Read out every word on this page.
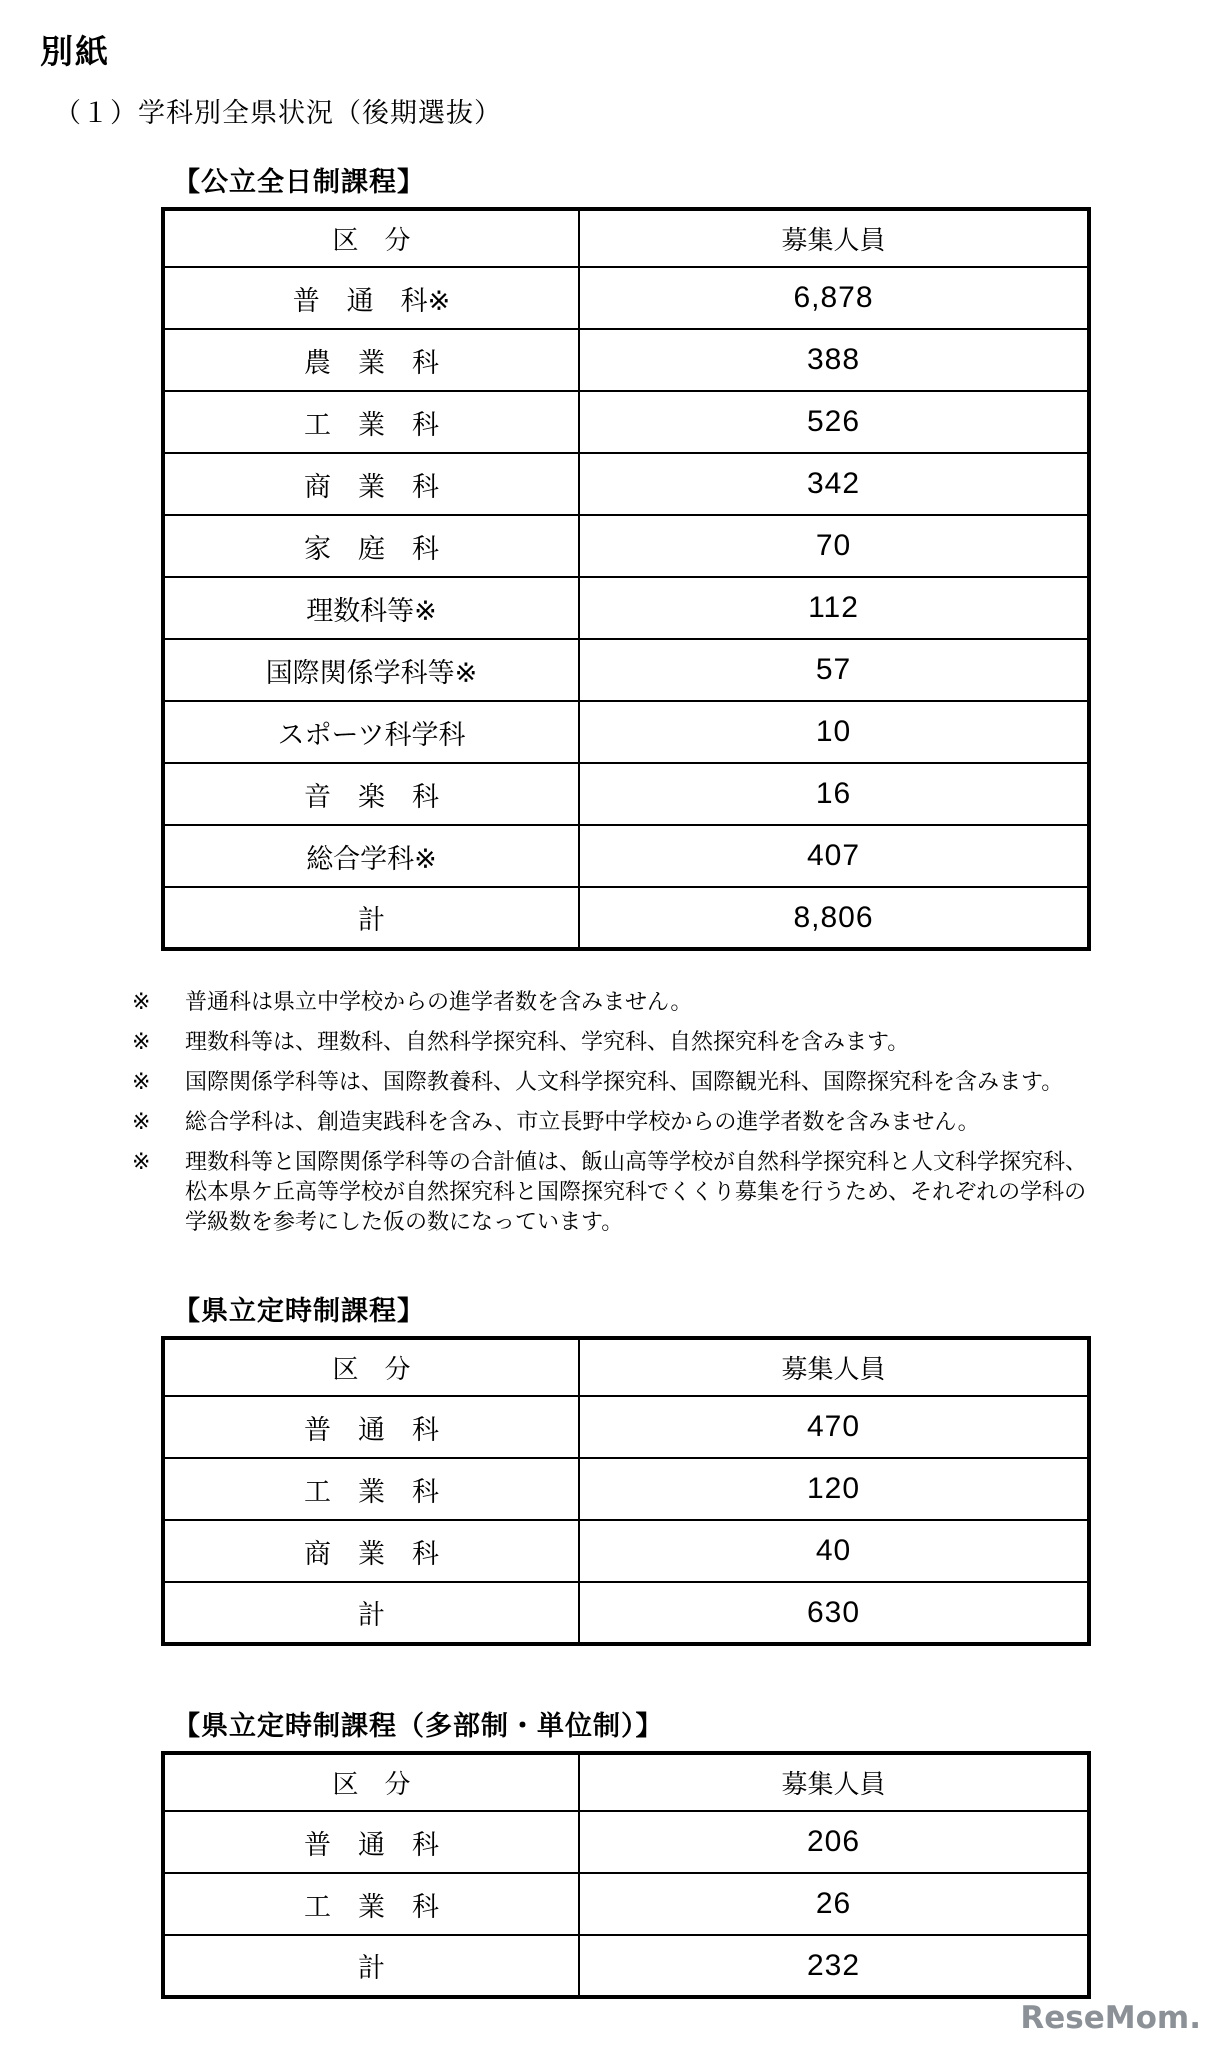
別紙
（１）学科別全県状況（後期選抜）
【公立全日制課程】
区　分	募集人員
普　通　科※	6,878
農　業　科	388
工　業　科	526
商　業　科	342
家　庭　科	70
理数科等※	112
国際関係学科等※	57
スポーツ科学科	10
音　楽　科	16
総合学科※	407
計	8,806
※	普通科は県立中学校からの進学者数を含みません。
※	理数科等は、理数科、自然科学探究科、学究科、自然探究科を含みます。
※	国際関係学科等は、国際教養科、人文科学探究科、国際観光科、国際探究科を含みます。
※	総合学科は、創造実践科を含み、市立長野中学校からの進学者数を含みません。
※	理数科等と国際関係学科等の合計値は、飯山高等学校が自然科学探究科と人文科学探究科、松本県ケ丘高等学校が自然探究科と国際探究科でくくり募集を行うため、それぞれの学科の学級数を参考にした仮の数になっています。
【県立定時制課程】
区　分	募集人員
普　通　科	470
工　業　科	120
商　業　科	40
計	630
【県立定時制課程（多部制・単位制）】
区　分	募集人員
普　通　科	206
工　業　科	26
計	232
ReseMom.
